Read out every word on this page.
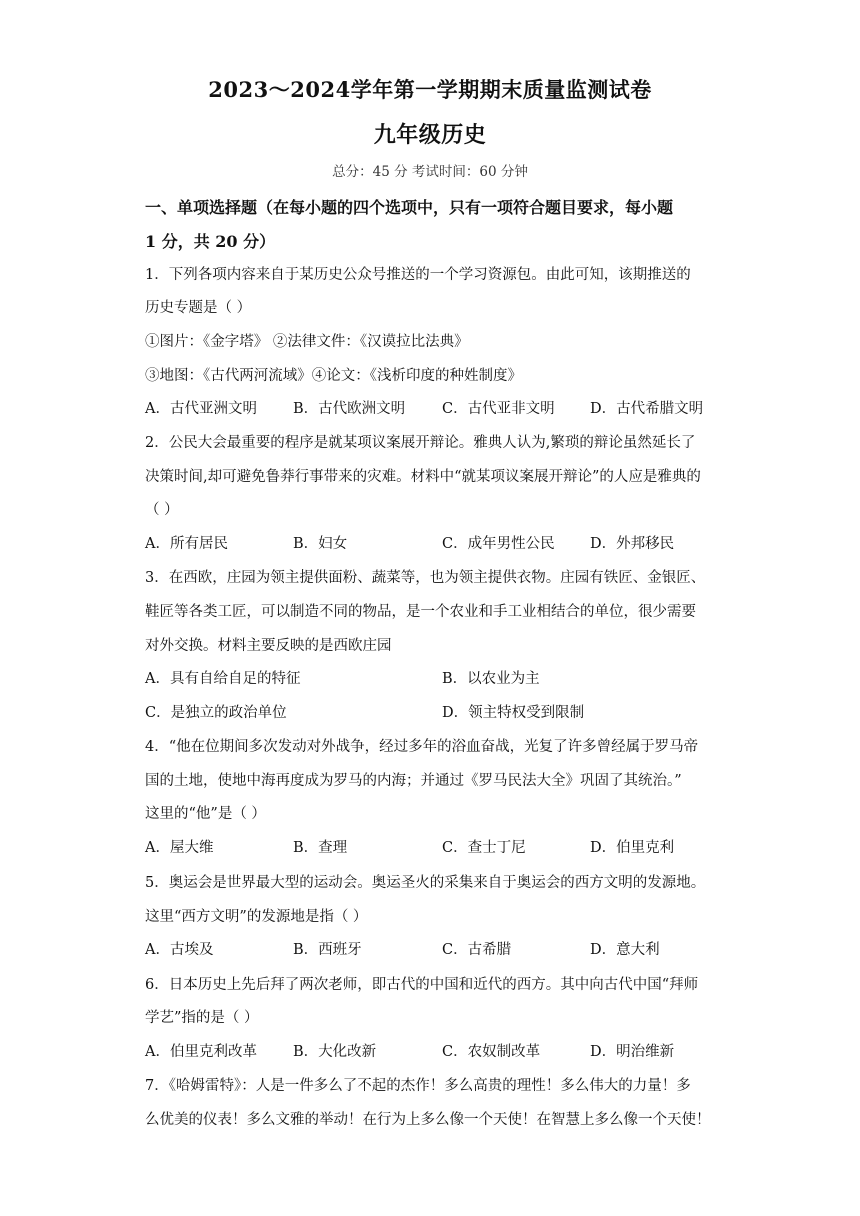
2023～2024学年第一学期期末质量监测试卷
九年级历史
总分：45 分 考试时间：60 分钟
一、单项选择题（在每小题的四个选项中，只有一项符合题目要求，每小题
1 分，共 20 分）
1．下列各项内容来自于某历史公众号推送的一个学习资源包。由此可知，该期推送的
历史专题是（ ）
①图片：《金字塔》 ②法律文件：《汉谟拉比法典》
③地图：《古代两河流域》④论文：《浅析印度的种姓制度》
A．古代亚洲文明 B．古代欧洲文明	C．古代亚非文明 D．古代希腊文明
2．公民大会最重要的程序是就某项议案展开辩论。雅典人认为,繁琐的辩论虽然延长了
决策时间,却可避免鲁莽行事带来的灾难。材料中“就某项议案展开辩论”的人应是雅典的
（ ）
A．所有居民	B．妇女	C．成年男性公民 D．外邦移民
3．在西欧，庄园为领主提供面粉、蔬菜等，也为领主提供衣物。庄园有铁匠、金银匠、
鞋匠等各类工匠，可以制造不同的物品，是一个农业和手工业相结合的单位，很少需要
对外交换。材料主要反映的是西欧庄园
A．具有自给自足的特征	B．以农业为主
C．是独立的政治单位	D．领主特权受到限制
4．“他在位期间多次发动对外战争，经过多年的浴血奋战，光复了许多曾经属于罗马帝
国的土地，使地中海再度成为罗马的内海；并通过《罗马民法大全》巩固了其统治。”
这里的“他”是（ ）
A．屋大维	B．查理	C．查士丁尼	D．伯里克利
5．奥运会是世界最大型的运动会。奥运圣火的采集来自于奥运会的西方文明的发源地。
这里“西方文明”的发源地是指（ ）
A．古埃及	B．西班牙	C．古希腊	D．意大利
6．日本历史上先后拜了两次老师，即古代的中国和近代的西方。其中向古代中国“拜师
学艺”指的是（ ）
A．伯里克利改革 B．大化改新	C．农奴制改革	D．明治维新
7．《哈姆雷特》：人是一件多么了不起的杰作！多么高贵的理性！多么伟大的力量！多
么优美的仪表！多么文雅的举动！在行为上多么像一个天使！在智慧上多么像一个天使！
